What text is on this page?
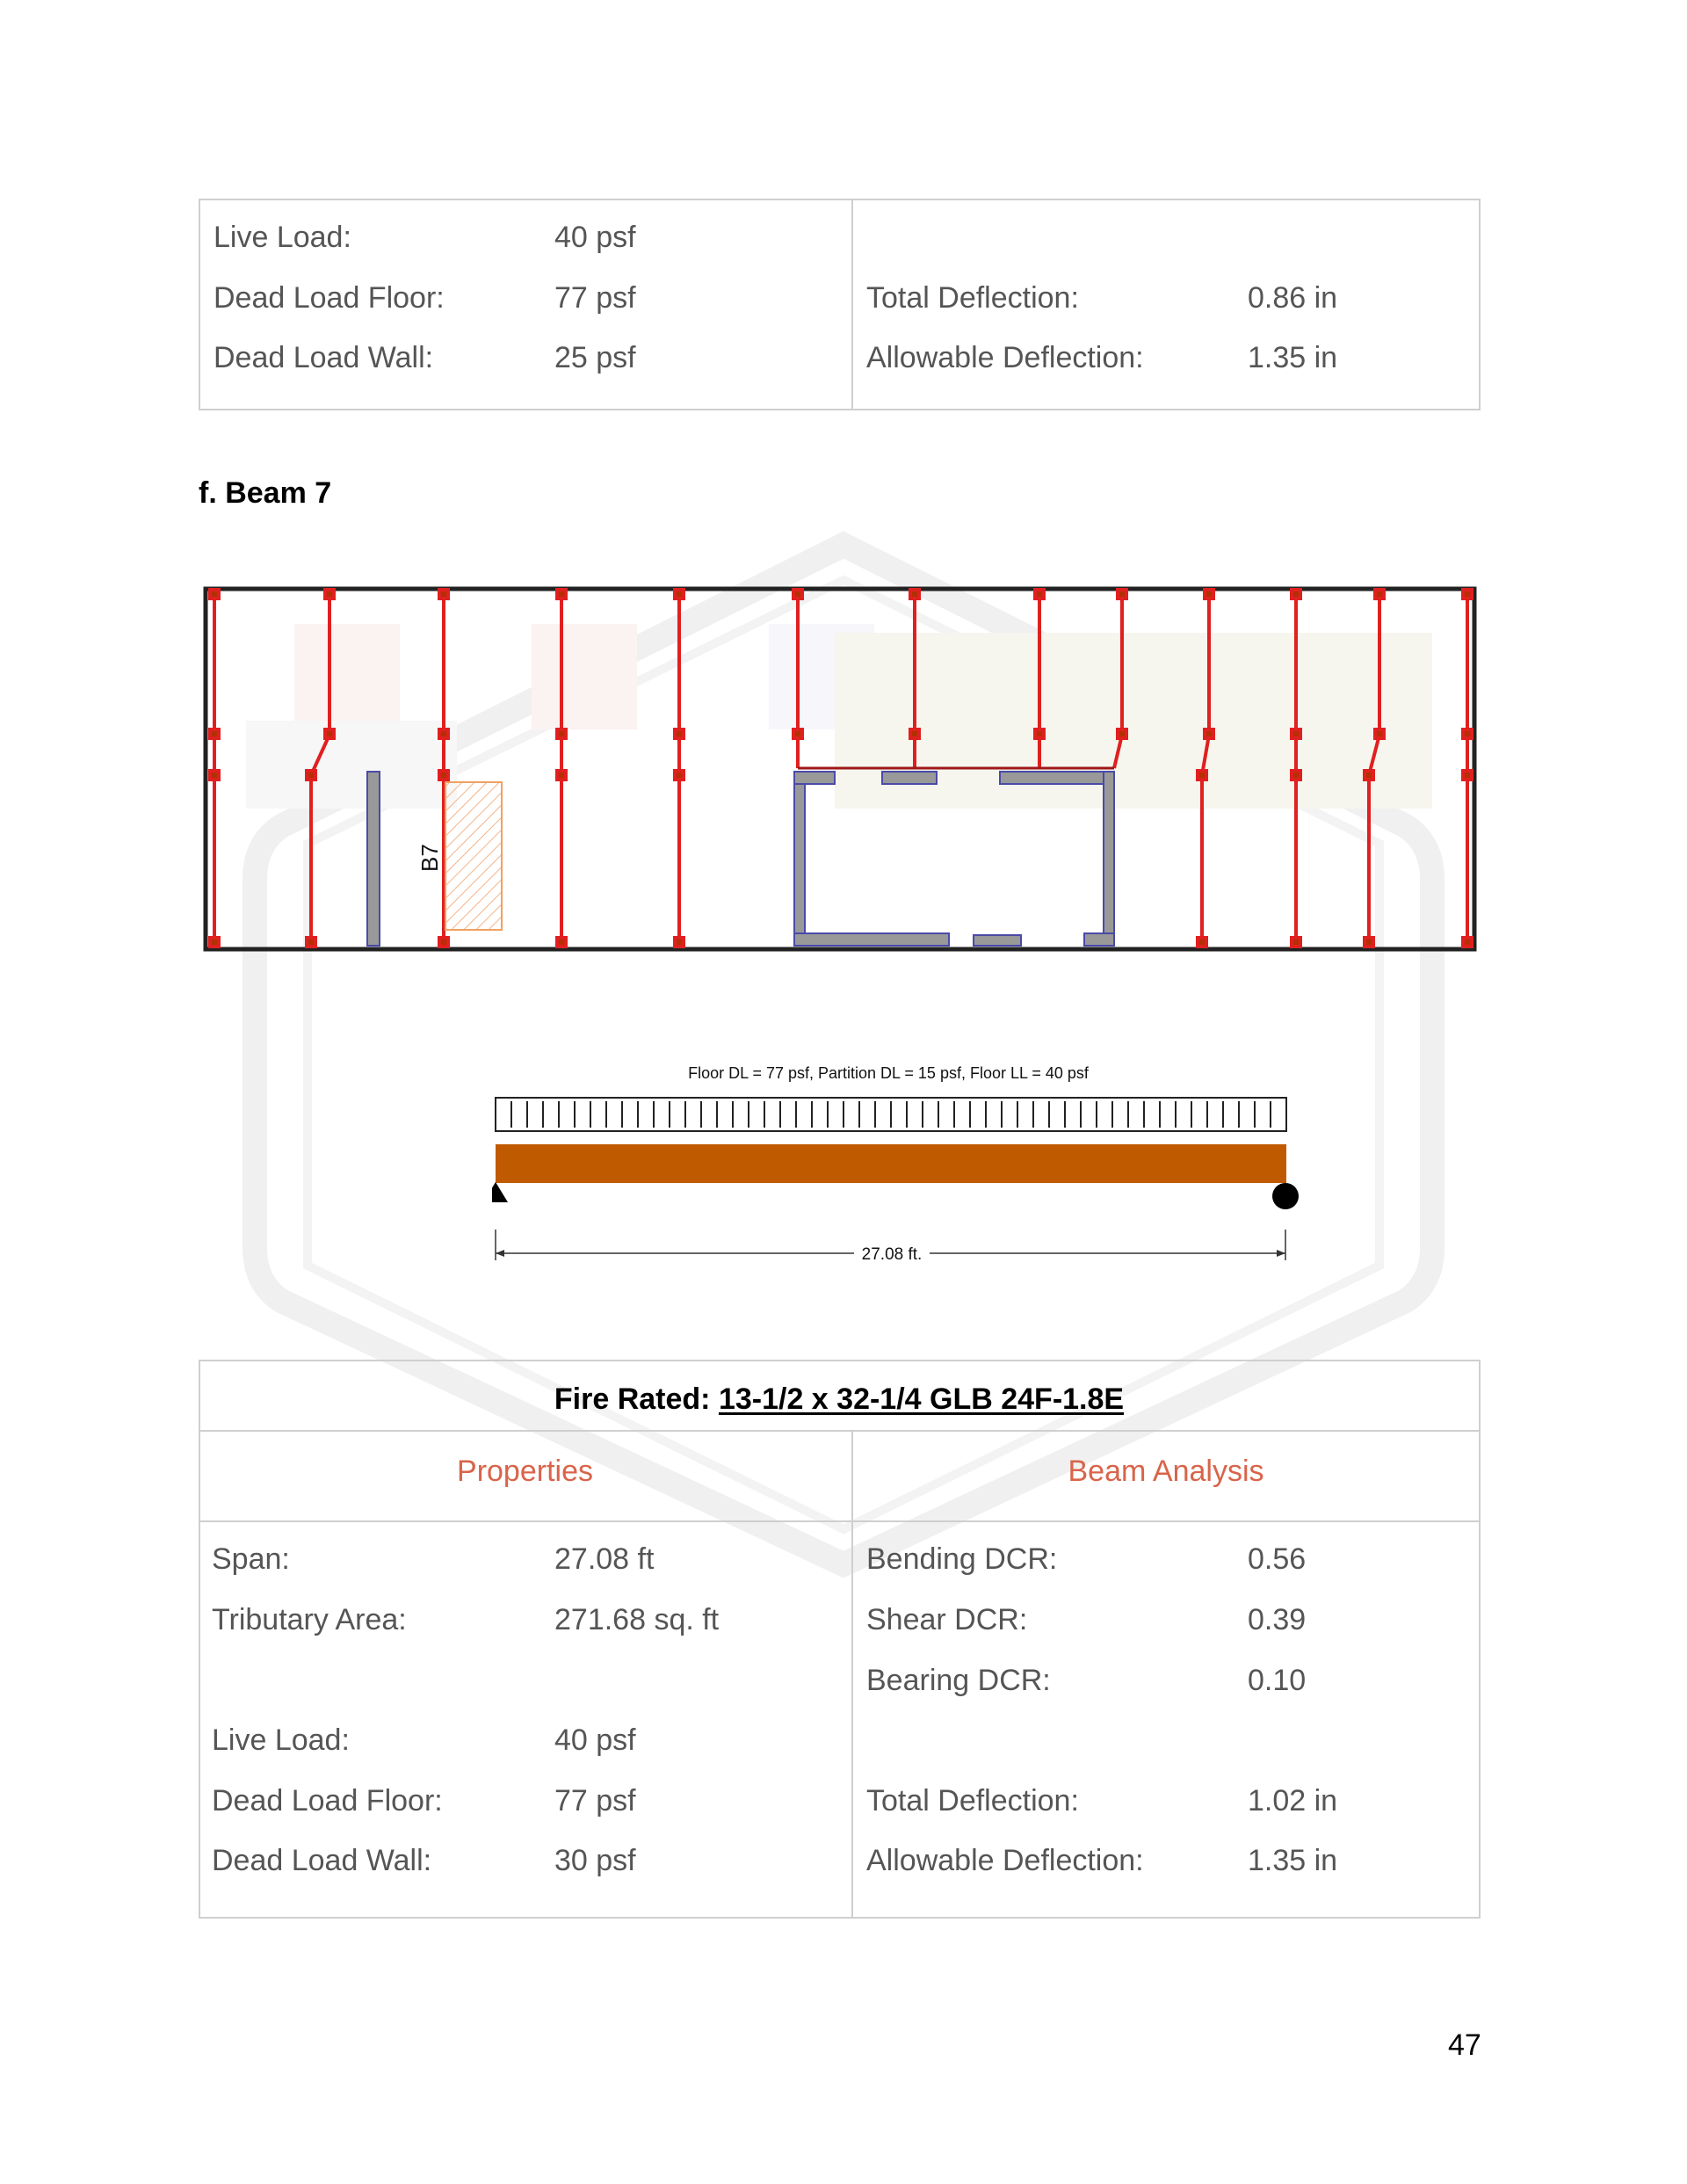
Live Load:	40 psf
Dead Load Floor:	77 psf
Dead Load Wall:	25 psf
Total Deflection:	0.86 in
Allowable Deflection:	1.35 in
f. Beam 7
B7
Floor DL = 77 psf, Partition DL = 15 psf, Floor LL = 40 psf
27.08 ft.
Fire Rated: 13-1/2 x 32-1/4 GLB 24F-1.8E
Properties	Beam Analysis
Span:	27.08 ft
Tributary Area:	271.68 sq. ft
Live Load:	40 psf
Dead Load Floor:	77 psf
Dead Load Wall:	30 psf
Bending DCR:	0.56
Shear DCR:	0.39
Bearing DCR:	0.10
Total Deflection:	1.02 in
Allowable Deflection:	1.35 in
47
